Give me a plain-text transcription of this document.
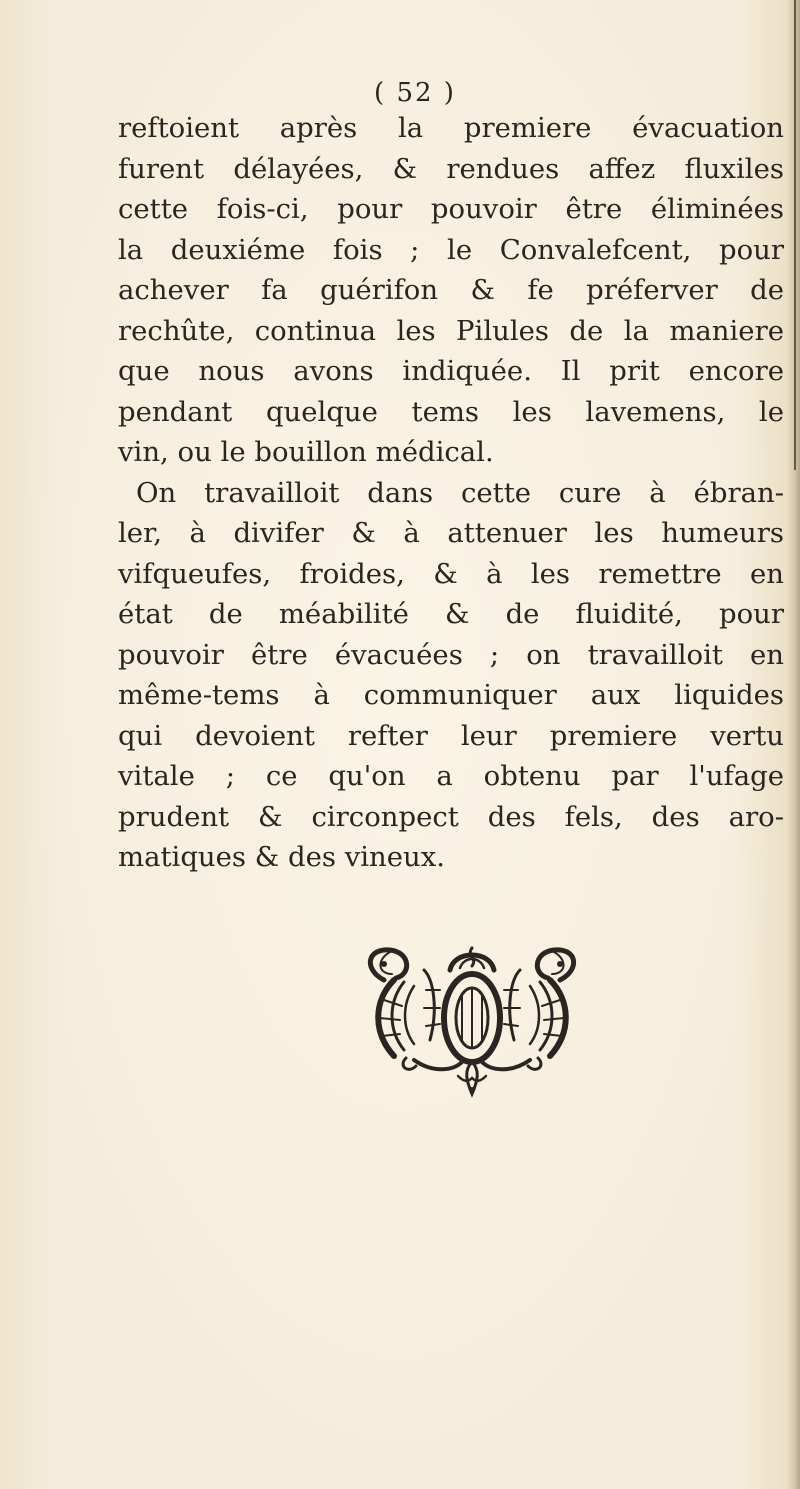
( 52 )
reftoient après la premiere évacuation
furent délayées, & rendues affez fluxiles
cette fois-ci, pour pouvoir être éliminées
la deuxiéme fois ; le Convalefcent, pour
achever fa guérifon & fe préferver de
rechûte, continua les Pilules de la maniere
que nous avons indiquée. Il prit encore
pendant quelque tems les lavemens, le
vin, ou le bouillon médical.
On travailloit dans cette cure à ébran-
ler, à divifer & à attenuer les humeurs
vifqueufes, froides, & à les remettre en
état de méabilité & de fluidité, pour
pouvoir être évacuées ; on travailloit en
même-tems à communiquer aux liquides
qui devoient refter leur premiere vertu
vitale ; ce qu'on a obtenu par l'ufage
prudent & circonpect des fels, des aro-
matiques & des vineux.
